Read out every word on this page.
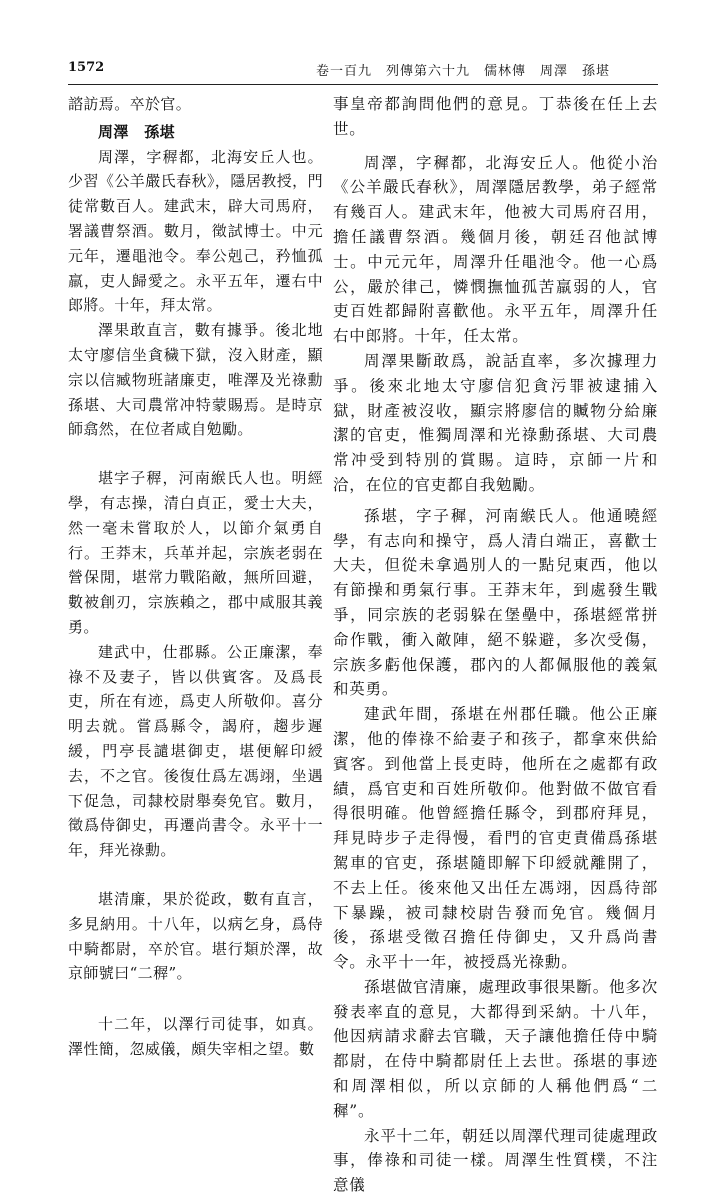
1572	卷一百九　列傳第六十九　儒林傳　周澤　孫堪

諮訪焉。卒於官。

周澤　孫堪

周澤，字稺都，北海安丘人也。少習《公羊嚴氏春秋》，隱居教授，門徒常數百人。建武末，辟大司馬府，署議曹祭酒。數月，徵試博士。中元元年，遷黽池令。奉公剋己，矜恤孤羸，吏人歸愛之。永平五年，遷右中郎將。十年，拜太常。

澤果敢直言，數有據爭。後北地太守廖信坐貪穢下獄，沒入財產，顯宗以信臧物班諸廉吏，唯澤及光祿勳孫堪、大司農常冲特蒙賜焉。是時京師翕然，在位者咸自勉勵。

堪字子稺，河南緱氏人也。明經學，有志操，清白貞正，愛士大夫，然一毫未嘗取於人，以節介氣勇自行。王莽末，兵革并起，宗族老弱在營保閒，堪常力戰陷敵，無所回避，數被創刃，宗族賴之，郡中咸服其義勇。

建武中，仕郡縣。公正廉潔，奉祿不及妻子，皆以供賓客。及爲長吏，所在有迹，爲吏人所敬仰。喜分明去就。嘗爲縣令，謁府，趨步遲緩，門亭長譴堪御吏，堪便解印綬去，不之官。後復仕爲左馮翊，坐遇下促急，司隸校尉舉奏免官。數月，徵爲侍御史，再遷尚書令。永平十一年，拜光祿勳。

堪清廉，果於從政，數有直言，多見納用。十八年，以病乞身，爲侍中騎都尉，卒於官。堪行類於澤，故京師號曰“二稺”。

十二年，以澤行司徒事，如真。澤性簡，忽威儀，頗失宰相之望。數

事皇帝都詢問他們的意見。丁恭後在任上去世。

周澤，字穉都，北海安丘人。他從小治《公羊嚴氏春秋》，周澤隱居教學，弟子經常有幾百人。建武末年，他被大司馬府召用，擔任議曹祭酒。幾個月後，朝廷召他試博士。中元元年，周澤升任黽池令。他一心爲公，嚴於律己，憐憫撫恤孤苦羸弱的人，官吏百姓都歸附喜歡他。永平五年，周澤升任右中郎將。十年，任太常。

周澤果斷敢爲，說話直率，多次據理力爭。後來北地太守廖信犯貪污罪被逮捕入獄，財產被沒收，顯宗將廖信的贓物分給廉潔的官吏，惟獨周澤和光祿勳孫堪、大司農常冲受到特別的賞賜。這時，京師一片和洽，在位的官吏都自我勉勵。

孫堪，字子穉，河南緱氏人。他通曉經學，有志向和操守，爲人清白端正，喜歡士大夫，但從未拿過別人的一點兒東西，他以有節操和勇氣行事。王莽末年，到處發生戰爭，同宗族的老弱躲在堡壘中，孫堪經常拼命作戰，衝入敵陣，絕不躲避，多次受傷，宗族多虧他保護，郡內的人都佩服他的義氣和英勇。

建武年間，孫堪在州郡任職。他公正廉潔，他的俸祿不給妻子和孩子，都拿來供給賓客。到他當上長吏時，他所在之處都有政績，爲官吏和百姓所敬仰。他對做不做官看得很明確。他曾經擔任縣令，到郡府拜見，拜見時步子走得慢，看門的官吏責備爲孫堪駕車的官吏，孫堪隨即解下印綬就離開了，不去上任。後來他又出任左馮翊，因爲待部下暴躁，被司隸校尉告發而免官。幾個月後，孫堪受徵召擔任侍御史，又升爲尚書令。永平十一年，被授爲光祿勳。

孫堪做官清廉，處理政事很果斷。他多次發表率直的意見，大都得到采納。十八年，他因病請求辭去官職，天子讓他擔任侍中騎都尉，在侍中騎都尉任上去世。孫堪的事迹和周澤相似，所以京師的人稱他們爲“二穉”。

永平十二年，朝廷以周澤代理司徒處理政事，俸祿和司徒一樣。周澤生性質樸，不注意儀
